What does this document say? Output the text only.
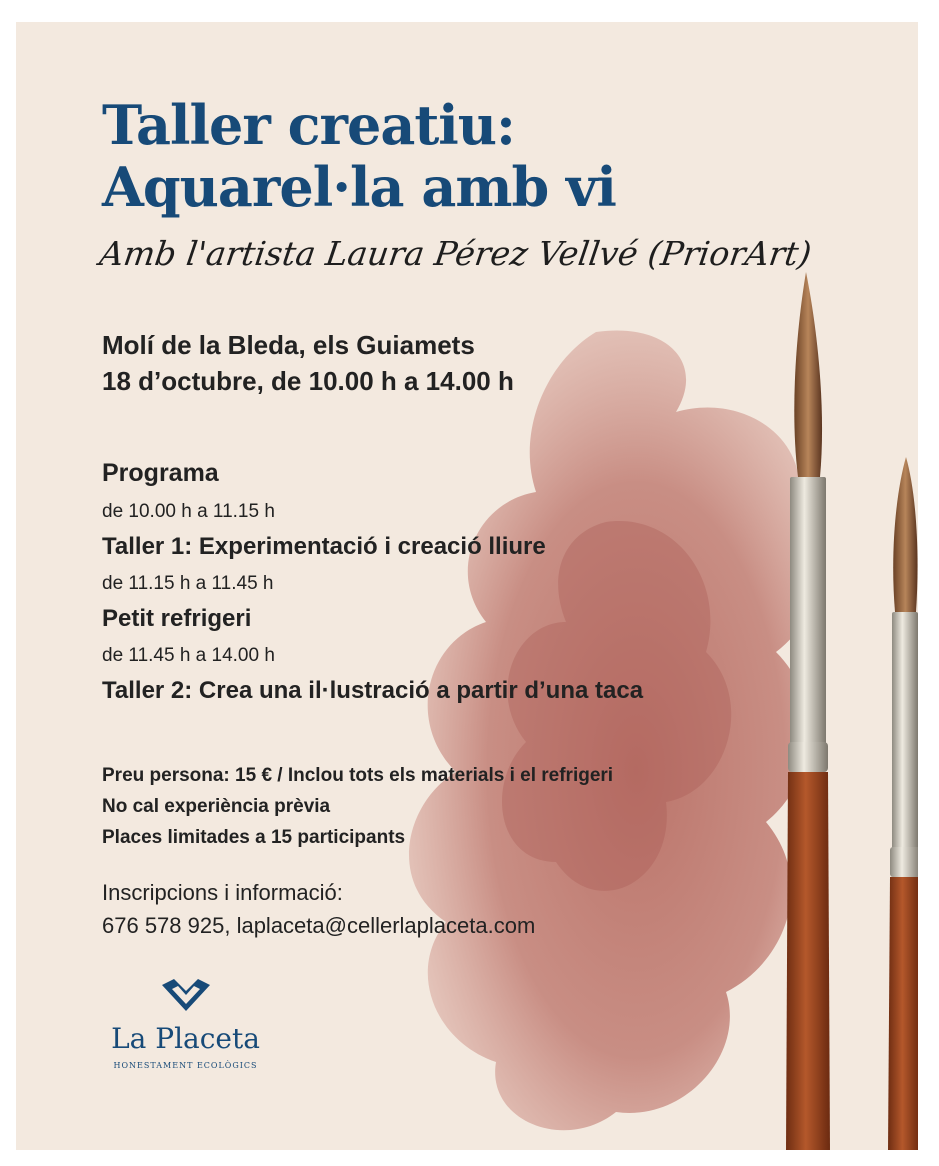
Taller creatiu:
Aquarel·la amb vi
Amb l'artista Laura Pérez Vellvé (PriorArt)
Molí de la Bleda, els Guiamets
18 d’octubre, de 10.00 h a 14.00 h
Programa
de 10.00 h a 11.15 h
Taller 1: Experimentació i creació lliure
de 11.15 h a 11.45 h
Petit refrigeri
de 11.45 h a 14.00 h
Taller 2: Crea una il·lustració a partir d’una taca
Preu persona: 15 € / Inclou tots els materials i el refrigeri
No cal experiència prèvia
Places limitades a 15 participants
Inscripcions i informació:
676 578 925, laplaceta@cellerlaplaceta.com
La Placeta
HONESTAMENT ECOLÒGICS
